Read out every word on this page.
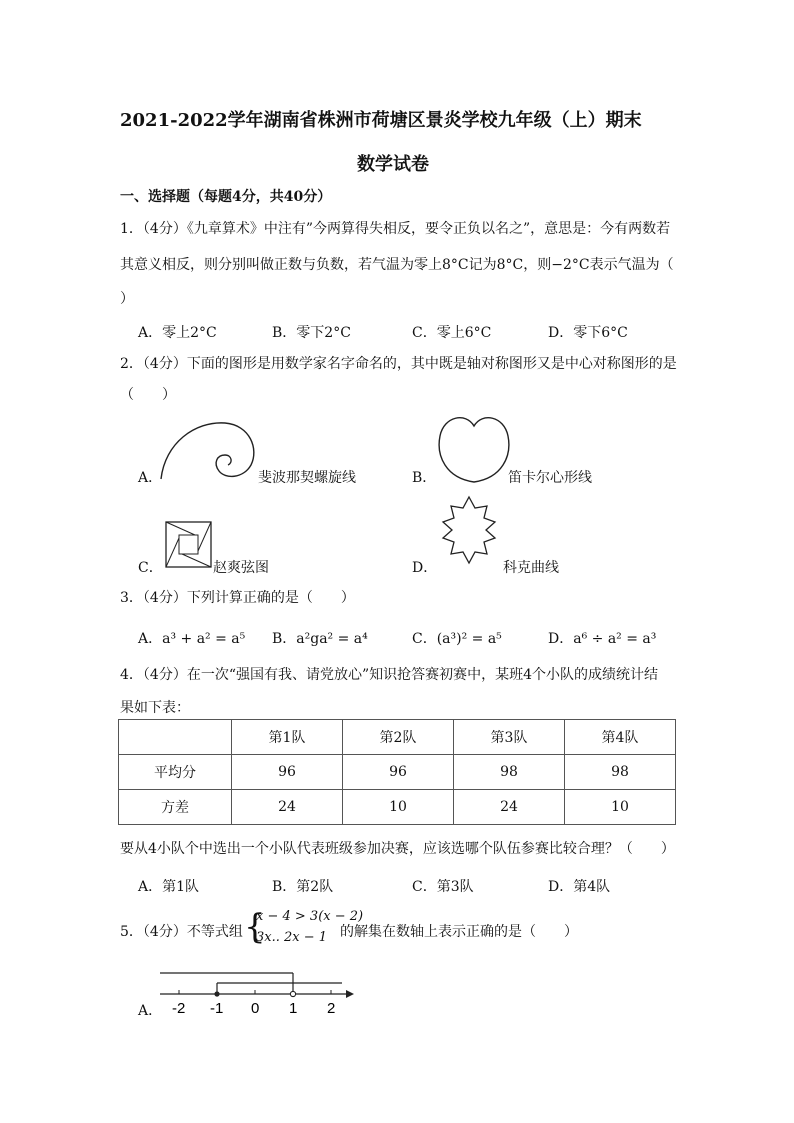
2021-2022学年湖南省株洲市荷塘区景炎学校九年级（上）期末
数学试卷
一、选择题（每题4分，共40分）
1．（4分）《九章算术》中注有”今两算得失相反，要令正负以名之”，意思是：今有两数若
其意义相反，则分别叫做正数与负数，若气温为零上8°C记为8°C，则−2°C表示气温为（
）
A．零上2°C	B．零下2°C	C．零上6°C	D．零下6°C
2．（4分）下面的图形是用数学家名字命名的，其中既是轴对称图形又是中心对称图形的是
（　　）
A．	斐波那契螺旋线	B．	笛卡尔心形线
C．	赵爽弦图	D．	科克曲线
3．（4分）下列计算正确的是（　　）
A．a³ + a² = a⁵ B．a²ga² = a⁴	C．(a³)² = a⁵	D．a⁶ ÷ a² = a³
4．（4分）在一次“强国有我、请党放心”知识抢答赛初赛中，某班4个小队的成绩统计结
果如下表：
	第1队	第2队	第3队	第4队
平均分	96	96	98	98
方差	24	10	24	10
要从4小队个中选出一个小队代表班级参加决赛，应该选哪个队伍参赛比较合理？（　　）
A．第1队	B．第2队	C．第3队	D．第4队
5．（4分）不等式组 {
x − 4 > 3(x − 2)
3x.. 2x − 1 的解集在数轴上表示正确的是（　　）
A． -2 -1 0 1 2
